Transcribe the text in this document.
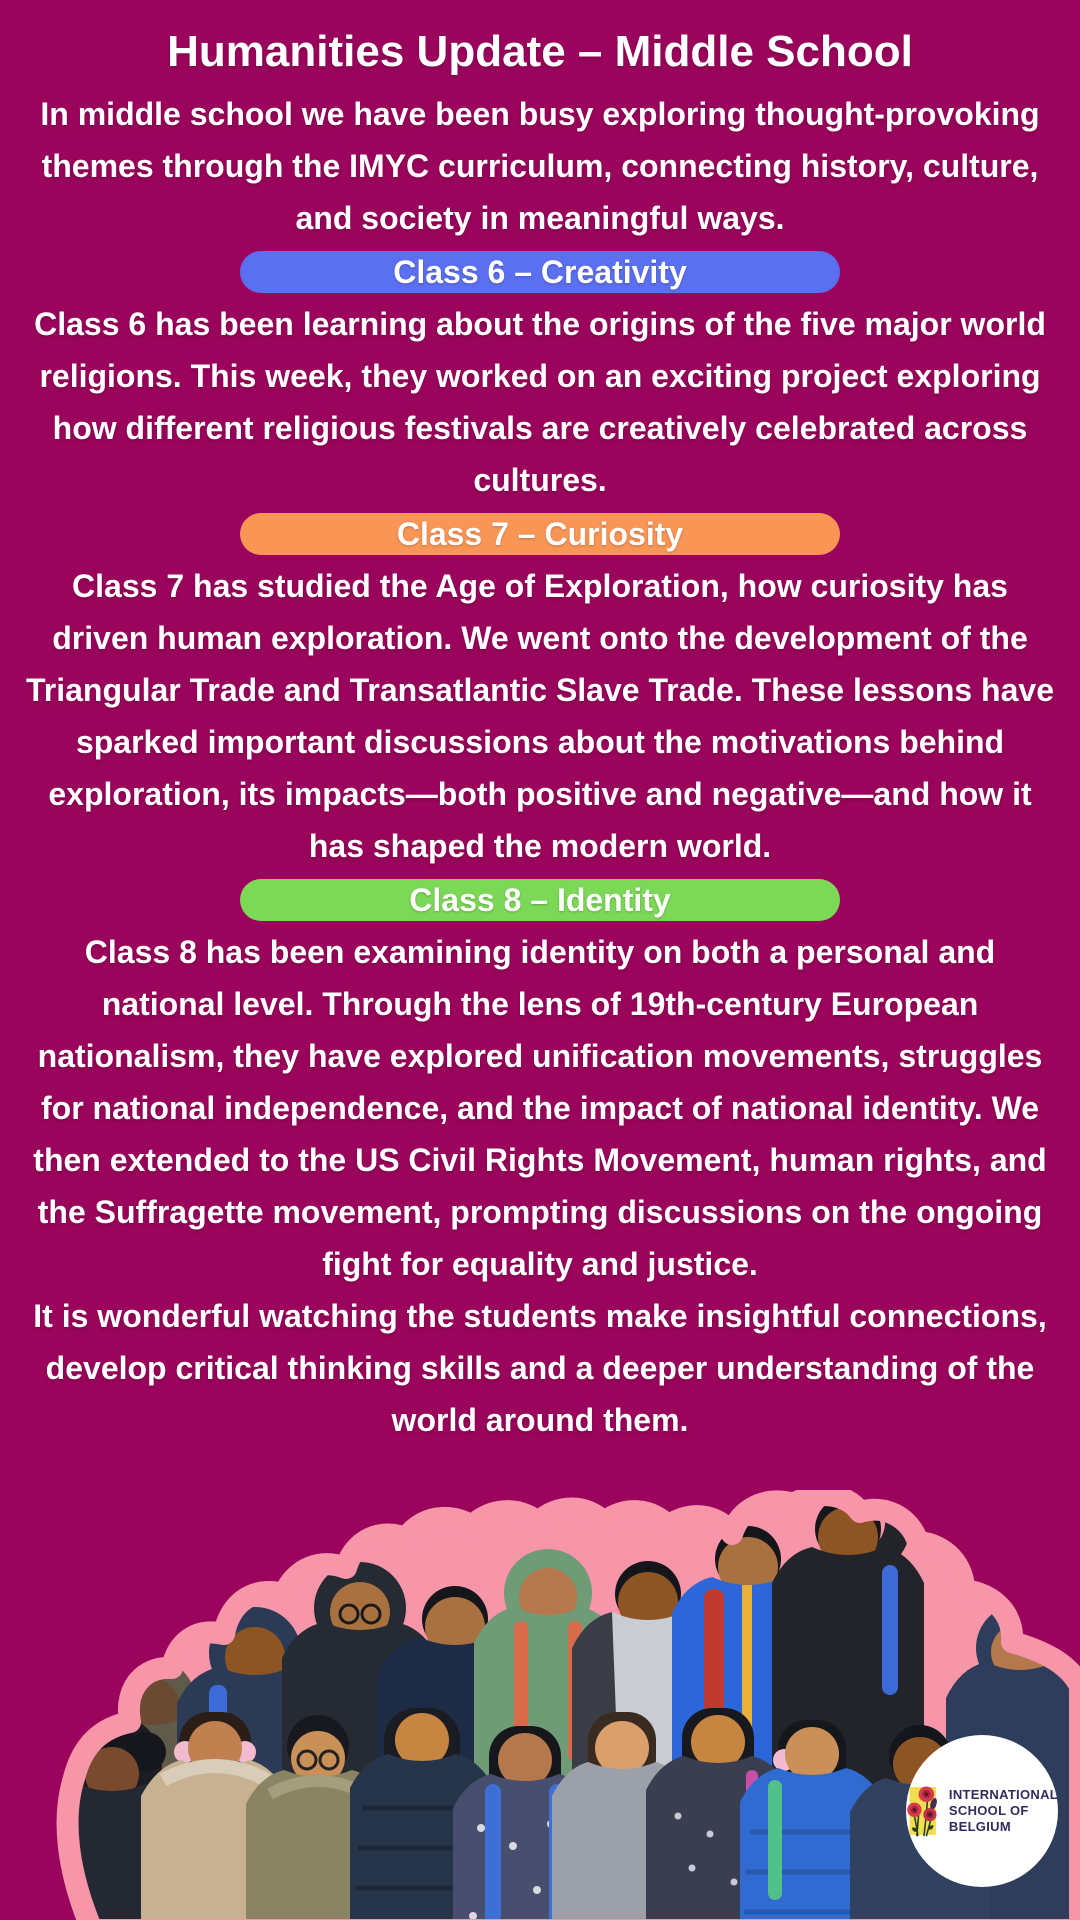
Humanities Update – Middle School

In middle school we have been busy exploring thought-provoking themes through the IMYC curriculum, connecting history, culture, and society in meaningful ways.

Class 6 – Creativity

Class 6 has been learning about the origins of the five major world religions. This week, they worked on an exciting project exploring how different religious festivals are creatively celebrated across cultures.

Class 7 – Curiosity

Class 7 has studied the Age of Exploration, how curiosity has driven human exploration. We went onto the development of the Triangular Trade and Transatlantic Slave Trade. These lessons have sparked important discussions about the motivations behind exploration, its impacts—both positive and negative—and how it has shaped the modern world.

Class 8 – Identity

Class 8 has been examining identity on both a personal and national level. Through the lens of 19th-century European nationalism, they have explored unification movements, struggles for national independence, and the impact of national identity. We then extended to the US Civil Rights Movement, human rights, and the Suffragette movement, prompting discussions on the ongoing fight for equality and justice.

It is wonderful watching the students make insightful connections, develop critical thinking skills and a deeper understanding of the world around them.

INTERNATIONAL
SCHOOL OF
BELGIUM
